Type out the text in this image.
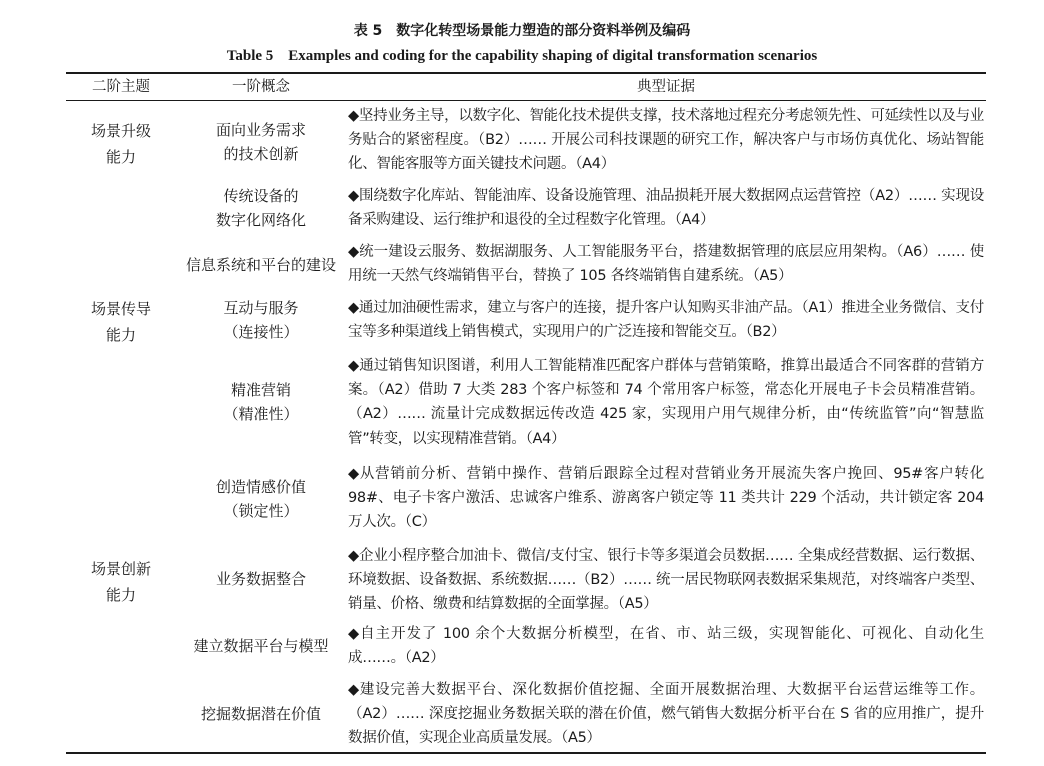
表 5　数字化转型场景能力塑造的部分资料举例及编码
Table 5　Examples and coding for the capability shaping of digital transformation scenarios
二阶主题	一阶概念	典型证据
场景升级
能力
场景传导
能力
场景创新
能力
面向业务需求
的技术创新
◆坚持业务主导，以数字化、智能化技术提供支撑，技术落地过程充分考虑领先性、可延续性以及与业务贴合的紧密程度。（B2）…… 开展公司科技课题的研究工作，解决客户与市场仿真优化、场站智能化、智能客服等方面关键技术问题。（A4）
传统设备的
数字化网络化
◆围绕数字化库站、智能油库、设备设施管理、油品损耗开展大数据网点运营管控（A2）…… 实现设备采购建设、运行维护和退役的全过程数字化管理。（A4）
信息系统和平台的建设
◆统一建设云服务、数据湖服务、人工智能服务平台，搭建数据管理的底层应用架构。（A6）…… 使用统一天然气终端销售平台，替换了 105 各终端销售自建系统。（A5）
互动与服务
（连接性）
◆通过加油硬性需求，建立与客户的连接，提升客户认知购买非油产品。（A1）推进全业务微信、支付宝等多种渠道线上销售模式，实现用户的广泛连接和智能交互。（B2）
精准营销
（精准性）
◆通过销售知识图谱，利用人工智能精准匹配客户群体与营销策略，推算出最适合不同客群的营销方案。（A2）借助 7 大类 283 个客户标签和 74 个常用客户标签，常态化开展电子卡会员精准营销。（A2）…… 流量计完成数据远传改造 425 家，实现用户用气规律分析，由“传统监管”向“智慧监管”转变，以实现精准营销。（A4）
创造情感价值
（锁定性）
◆从营销前分析、营销中操作、营销后跟踪全过程对营销业务开展流失客户挽回、95#客户转化 98#、电子卡客户激活、忠诚客户维系、游离客户锁定等 11 类共计 229 个活动，共计锁定客 204 万人次。（C）
业务数据整合
◆企业小程序整合加油卡、微信/支付宝、银行卡等多渠道会员数据…… 全集成经营数据、运行数据、环境数据、设备数据、系统数据……（B2）…… 统一居民物联网表数据采集规范，对终端客户类型、销量、价格、缴费和结算数据的全面掌握。（A5）
建立数据平台与模型
◆自主开发了 100 余个大数据分析模型，在省、市、站三级，实现智能化、可视化、自动化生成……。（A2）
挖掘数据潜在价值
◆建设完善大数据平台、深化数据价值挖掘、全面开展数据治理、大数据平台运营运维等工作。（A2）…… 深度挖掘业务数据关联的潜在价值，燃气销售大数据分析平台在 S 省的应用推广，提升数据价值，实现企业高质量发展。（A5）
